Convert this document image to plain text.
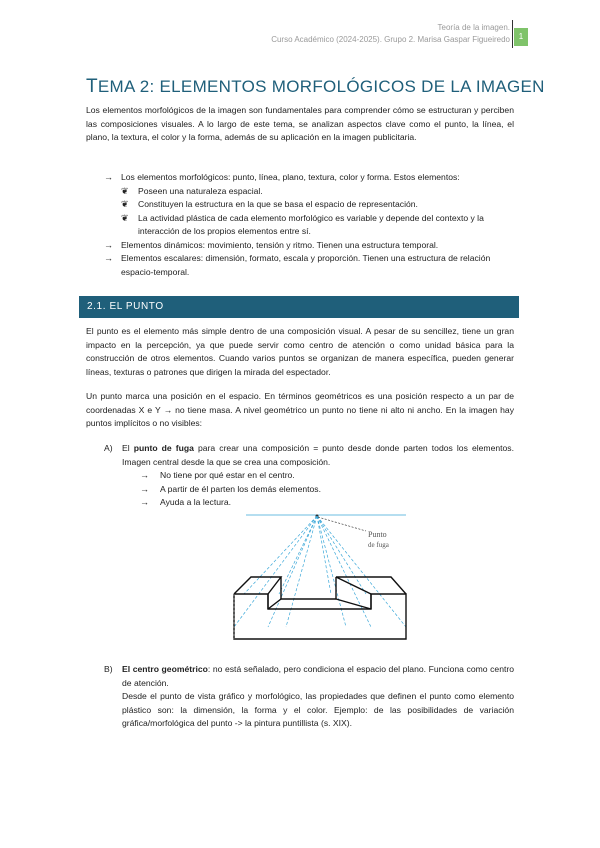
Teoría de la imagen.
Curso Académico (2024-2025). Grupo 2. Marisa Gaspar Figueiredo	1
TEMA 2: ELEMENTOS MORFOLÓGICOS DE LA IMAGEN

Los elementos morfológicos de la imagen son fundamentales para comprender cómo se estructuran y perciben las composiciones visuales. A lo largo de este tema, se analizan aspectos clave como el punto, la línea, el plano, la textura, el color y la forma, además de su aplicación en la imagen publicitaria.

→ Los elementos morfológicos: punto, línea, plano, textura, color y forma. Estos elementos:
❦ Poseen una naturaleza espacial.
❦ Constituyen la estructura en la que se basa el espacio de representación.
❦ La actividad plástica de cada elemento morfológico es variable y depende del contexto y la interacción de los propios elementos entre sí.
→ Elementos dinámicos: movimiento, tensión y ritmo. Tienen una estructura temporal.
→ Elementos escalares: dimensión, formato, escala y proporción. Tienen una estructura de relación espacio-temporal.
2.1. EL PUNTO

El punto es el elemento más simple dentro de una composición visual. A pesar de su sencillez, tiene un gran impacto en la percepción, ya que puede servir como centro de atención o como unidad básica para la construcción de otros elementos. Cuando varios puntos se organizan de manera específica, pueden generar líneas, texturas o patrones que dirigen la mirada del espectador.

Un punto marca una posición en el espacio. En términos geométricos es una posición respecto a un par de coordenadas X e Y → no tiene masa. A nivel geométrico un punto no tiene ni alto ni ancho. En la imagen hay puntos implícitos o no visibles:

A) El punto de fuga para crear una composición = punto desde donde parten todos los elementos. Imagen central desde la que se crea una composición.
→ No tiene por qué estar en el centro.
→ A partir de él parten los demás elementos.
→ Ayuda a la lectura.
Punto
de fuga
B) El centro geométrico: no está señalado, pero condiciona el espacio del plano. Funciona como centro de atención.
Desde el punto de vista gráfico y morfológico, las propiedades que definen el punto como elemento plástico son: la dimensión, la forma y el color. Ejemplo: de las posibilidades de variación gráfica/morfológica del punto -> la pintura puntillista (s. XIX).
